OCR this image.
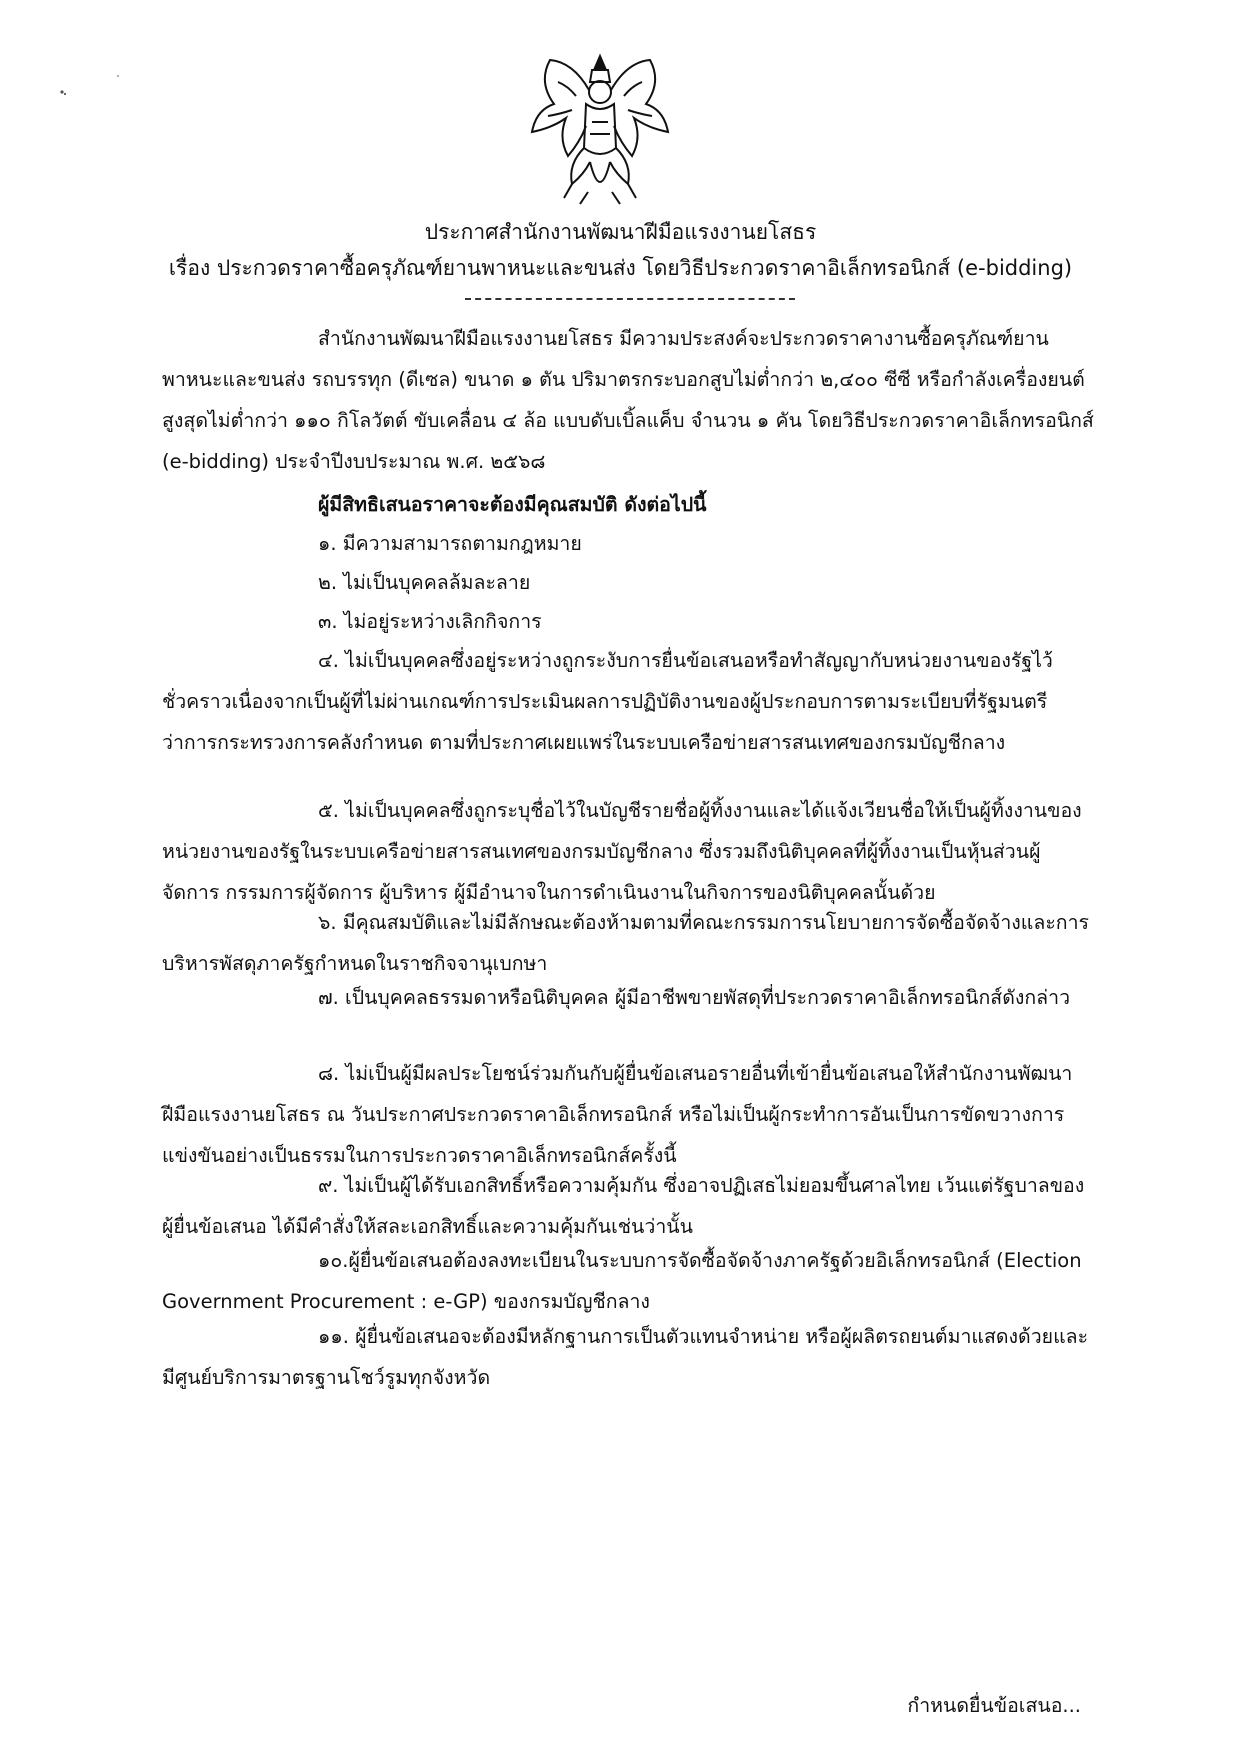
ประกาศสำนักงานพัฒนาฝีมือแรงงานยโสธร
เรื่อง ประกวดราคาซื้อครุภัณฑ์ยานพาหนะและขนส่ง โดยวิธีประกวดราคาอิเล็กทรอนิกส์ (e-bidding)

สำนักงานพัฒนาฝีมือแรงงานยโสธร มีความประสงค์จะประกวดราคางานซื้อครุภัณฑ์ยานพาหนะและขนส่ง รถบรรทุก (ดีเซล) ขนาด ๑ ตัน ปริมาตรกระบอกสูบไม่ต่ำกว่า ๒,๔๐๐ ซีซี หรือกำลังเครื่องยนต์สูงสุดไม่ต่ำกว่า ๑๑๐ กิโลวัตต์ ขับเคลื่อน ๔ ล้อ แบบดับเบิ้ลแค็บ จำนวน ๑ คัน โดยวิธีประกวดราคาอิเล็กทรอนิกส์ (e-bidding) ประจำปีงบประมาณ พ.ศ. ๒๕๖๘

ผู้มีสิทธิเสนอราคาจะต้องมีคุณสมบัติ ดังต่อไปนี้
๑. มีความสามารถตามกฎหมาย
๒. ไม่เป็นบุคคลล้มละลาย
๓. ไม่อยู่ระหว่างเลิกกิจการ
๔. ไม่เป็นบุคคลซึ่งอยู่ระหว่างถูกระงับการยื่นข้อเสนอหรือทำสัญญากับหน่วยงานของรัฐไว้ชั่วคราวเนื่องจากเป็นผู้ที่ไม่ผ่านเกณฑ์การประเมินผลการปฏิบัติงานของผู้ประกอบการตามระเบียบที่รัฐมนตรีว่าการกระทรวงการคลังกำหนด ตามที่ประกาศเผยแพร่ในระบบเครือข่ายสารสนเทศของกรมบัญชีกลาง
๕. ไม่เป็นบุคคลซึ่งถูกระบุชื่อไว้ในบัญชีรายชื่อผู้ทิ้งงานและได้แจ้งเวียนชื่อให้เป็นผู้ทิ้งงานของหน่วยงานของรัฐในระบบเครือข่ายสารสนเทศของกรมบัญชีกลาง ซึ่งรวมถึงนิติบุคคลที่ผู้ทิ้งงานเป็นหุ้นส่วนผู้จัดการ กรรมการผู้จัดการ ผู้บริหาร ผู้มีอำนาจในการดำเนินงานในกิจการของนิติบุคคลนั้นด้วย
๖. มีคุณสมบัติและไม่มีลักษณะต้องห้ามตามที่คณะกรรมการนโยบายการจัดซื้อจัดจ้างและการบริหารพัสดุภาครัฐกำหนดในราชกิจจานุเบกษา
๗. เป็นบุคคลธรรมดาหรือนิติบุคคล ผู้มีอาชีพขายพัสดุที่ประกวดราคาอิเล็กทรอนิกส์ดังกล่าว
๘. ไม่เป็นผู้มีผลประโยชน์ร่วมกันกับผู้ยื่นข้อเสนอรายอื่นที่เข้ายื่นข้อเสนอให้สำนักงานพัฒนาฝีมือแรงงานยโสธร ณ วันประกาศประกวดราคาอิเล็กทรอนิกส์ หรือไม่เป็นผู้กระทำการอันเป็นการขัดขวางการแข่งขันอย่างเป็นธรรมในการประกวดราคาอิเล็กทรอนิกส์ครั้งนี้
๙. ไม่เป็นผู้ได้รับเอกสิทธิ์หรือความคุ้มกัน ซึ่งอาจปฏิเสธไม่ยอมขึ้นศาลไทย เว้นแต่รัฐบาลของผู้ยื่นข้อเสนอ ได้มีคำสั่งให้สละเอกสิทธิ์และความคุ้มกันเช่นว่านั้น
๑๐.ผู้ยื่นข้อเสนอต้องลงทะเบียนในระบบการจัดซื้อจัดจ้างภาครัฐด้วยอิเล็กทรอนิกส์ (Election Government Procurement : e-GP) ของกรมบัญชีกลาง
๑๑. ผู้ยื่นข้อเสนอจะต้องมีหลักฐานการเป็นตัวแทนจำหน่าย หรือผู้ผลิตรถยนต์มาแสดงด้วยและมีศูนย์บริการมาตรฐานโชว์รูมทุกจังหวัด
กำหนดยื่นข้อเสนอ...
